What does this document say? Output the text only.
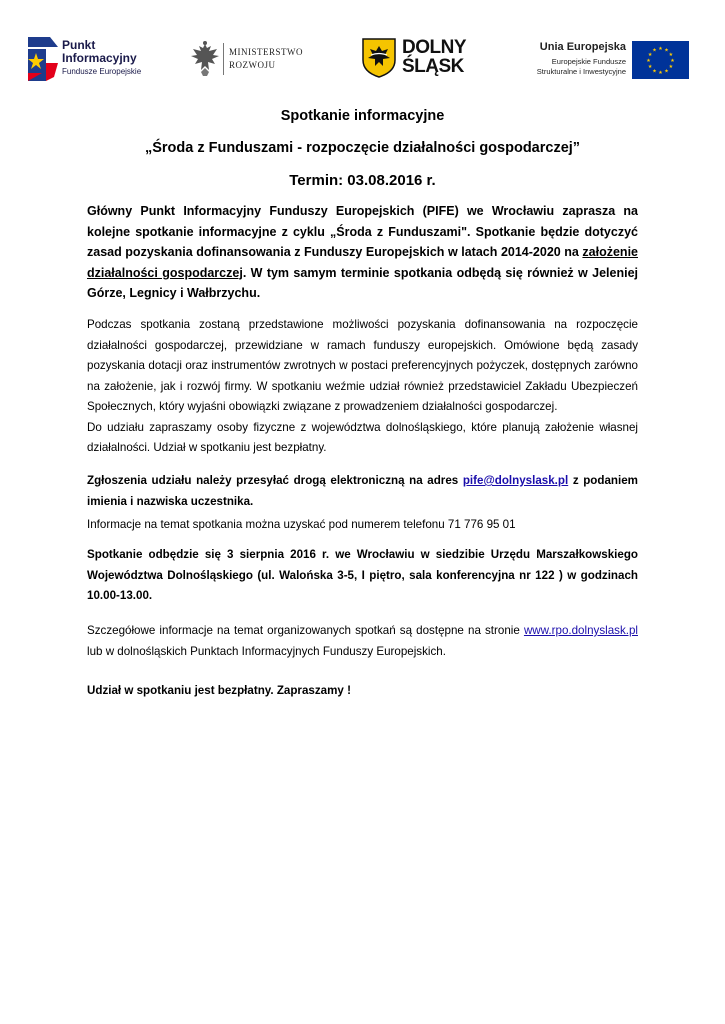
Punkt
Informacyjny
Fundusze Europejskie
MINISTERSTWO
ROZWOJU
DOLNY
ŚLĄSK
Unia Europejska
Europejskie Fundusze
Strukturalne i Inwestycyjne
★ ★
★
★
★
★
★
★
★
★
★
★
Spotkanie informacyjne
„Środa z Funduszami - rozpoczęcie działalności gospodarczej”
Termin: 03.08.2016 r.
Główny Punkt Informacyjny Funduszy Europejskich (PIFE) we Wrocławiu zaprasza na kolejne spotkanie informacyjne z cyklu „Środa z Funduszami". Spotkanie będzie dotyczyć zasad pozyskania dofinansowania z Funduszy Europejskich w latach 2014-2020 na założenie działalności gospodarczej. W tym samym terminie spotkania odbędą się również w Jeleniej Górze, Legnicy i Wałbrzychu.

Podczas spotkania zostaną przedstawione możliwości pozyskania dofinansowania na rozpoczęcie działalności gospodarczej, przewidziane w ramach funduszy europejskich. Omówione będą zasady pozyskania dotacji oraz instrumentów zwrotnych w postaci preferencyjnych pożyczek, dostępnych zarówno na założenie, jak i rozwój firmy. W spotkaniu weźmie udział również przedstawiciel Zakładu Ubezpieczeń Społecznych, który wyjaśni obowiązki związane z prowadzeniem działalności gospodarczej.

Do udziału zapraszamy osoby fizyczne z województwa dolnośląskiego, które planują założenie własnej działalności. Udział w spotkaniu jest bezpłatny.

Zgłoszenia udziału należy przesyłać drogą elektroniczną na adres pife@dolnyslask.pl z podaniem imienia i nazwiska uczestnika.
Informacje na temat spotkania można uzyskać pod numerem telefonu 71 776 95 01
Spotkanie odbędzie się 3 sierpnia 2016 r. we Wrocławiu w siedzibie Urzędu Marszałkowskiego Województwa Dolnośląskiego (ul. Walońska 3-5, I piętro, sala konferencyjna nr 122 ) w godzinach 10.00-13.00.
Szczegółowe informacje na temat organizowanych spotkań są dostępne na stronie www.rpo.dolnyslask.pl lub w dolnośląskich Punktach Informacyjnych Funduszy Europejskich.
Udział w spotkaniu jest bezpłatny. Zapraszamy !
